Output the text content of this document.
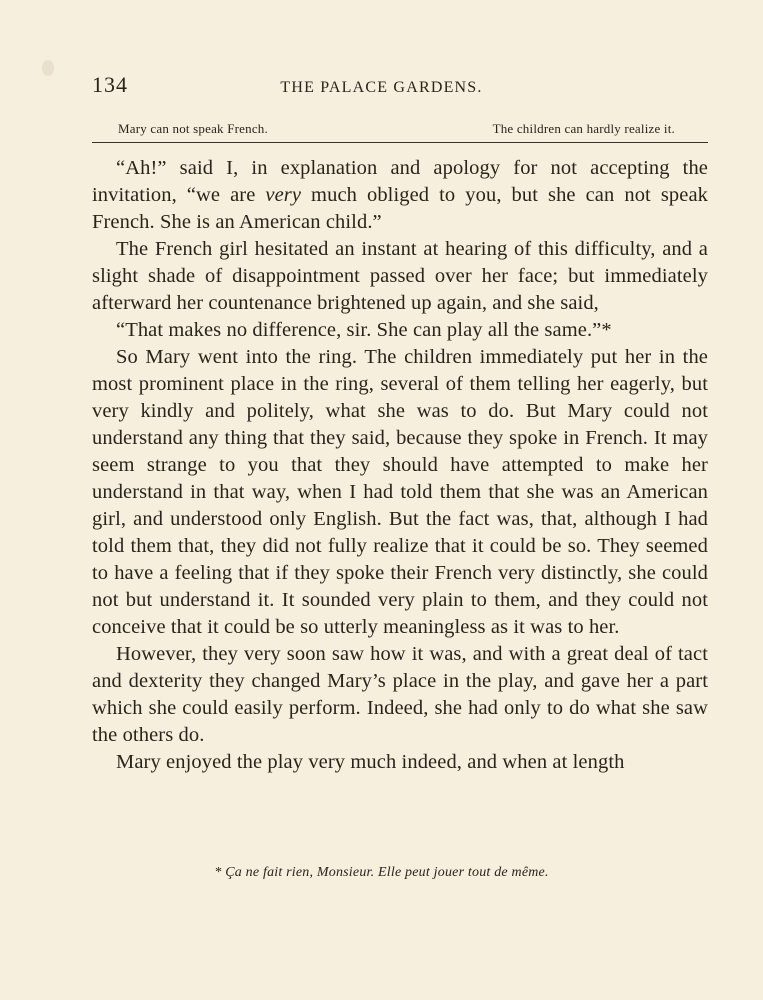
134	THE PALACE GARDENS.
Mary can not speak French.	The children can hardly realize it.

“Ah!” said I, in explanation and apology for not accepting the invitation, “we are very much obliged to you, but she can not speak French. She is an American child.”

The French girl hesitated an instant at hearing of this difficulty, and a slight shade of disappointment passed over her face; but immediately afterward her countenance brightened up again, and she said,

“That makes no difference, sir. She can play all the same.”*

So Mary went into the ring. The children immediately put her in the most prominent place in the ring, several of them telling her eagerly, but very kindly and politely, what she was to do. But Mary could not understand any thing that they said, because they spoke in French. It may seem strange to you that they should have attempted to make her understand in that way, when I had told them that she was an American girl, and understood only English. But the fact was, that, although I had told them that, they did not fully realize that it could be so. They seemed to have a feeling that if they spoke their French very distinctly, she could not but understand it. It sounded very plain to them, and they could not conceive that it could be so utterly meaningless as it was to her.

However, they very soon saw how it was, and with a great deal of tact and dexterity they changed Mary’s place in the play, and gave her a part which she could easily perform. Indeed, she had only to do what she saw the others do.

Mary enjoyed the play very much indeed, and when at length

* Ça ne fait rien, Monsieur. Elle peut jouer tout de même.
